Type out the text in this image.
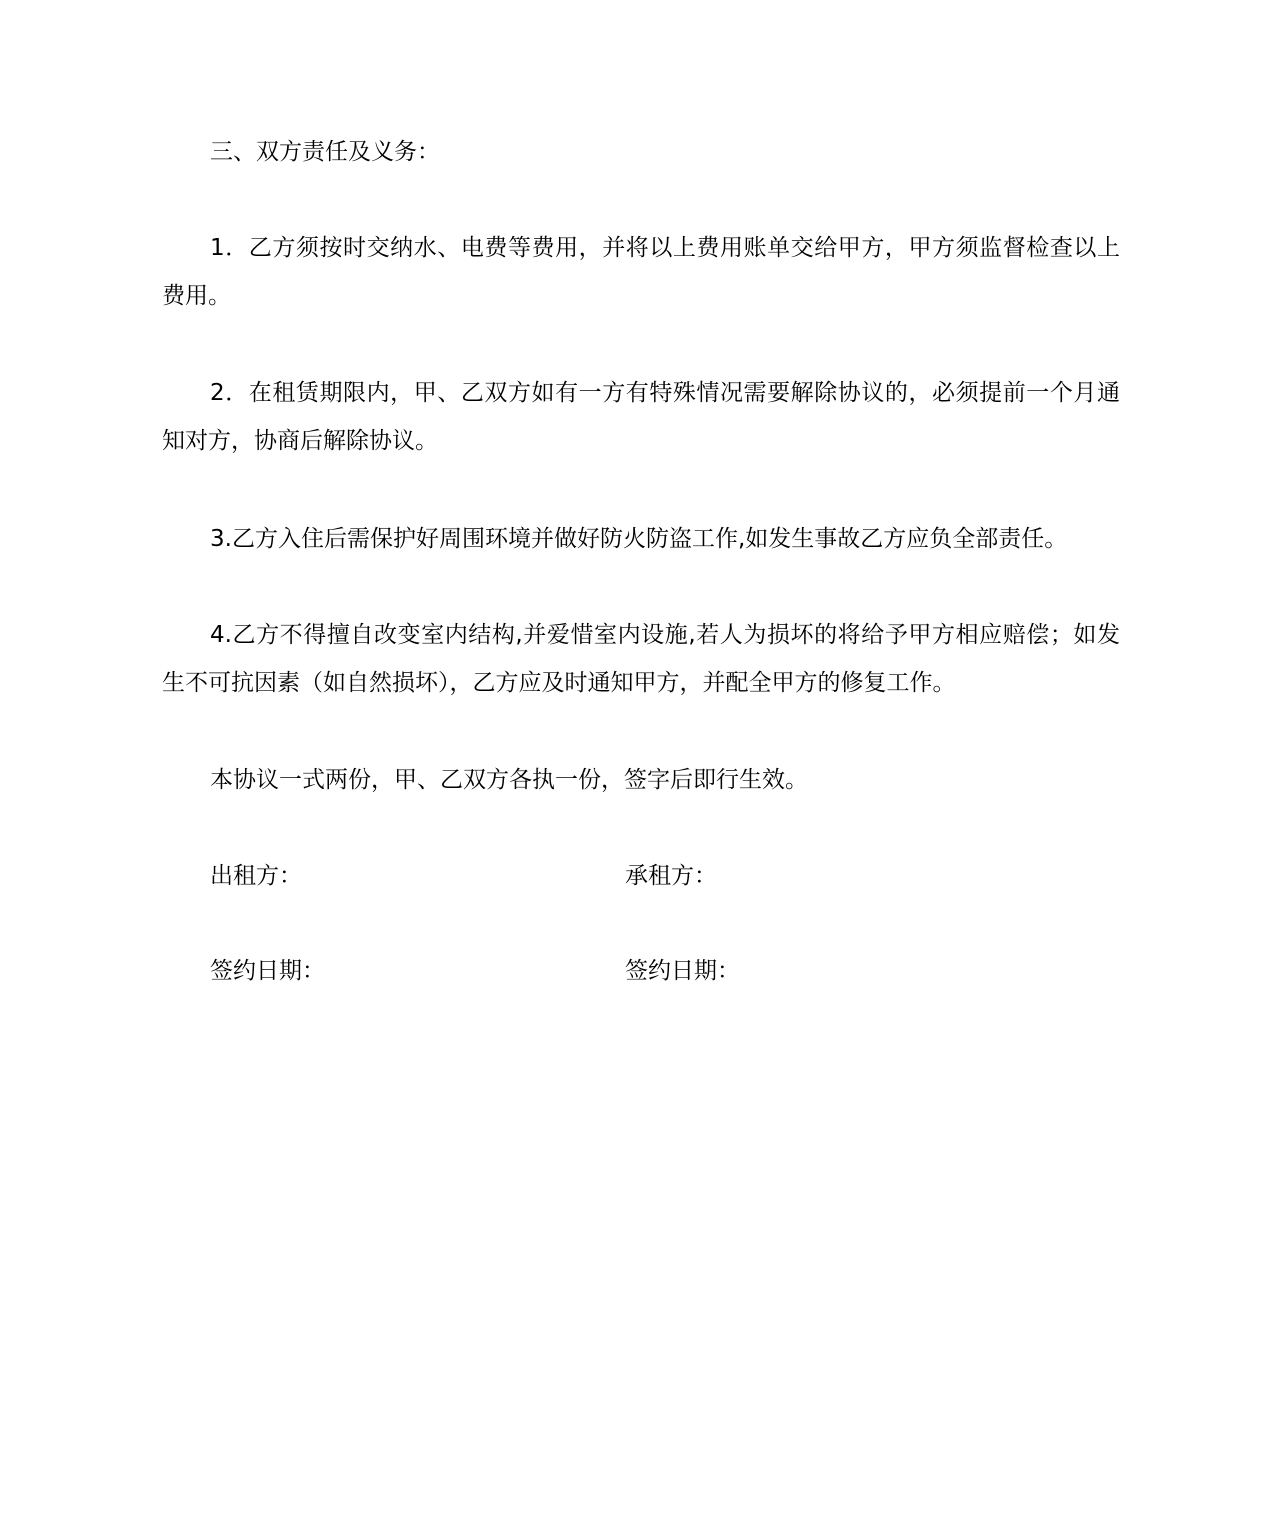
三、双方责任及义务：

1．乙方须按时交纳水、电费等费用，并将以上费用账单交给甲方，甲方须监督检查以上费用。

2．在租赁期限内，甲、乙双方如有一方有特殊情况需要解除协议的，必须提前一个月通知对方，协商后解除协议。

3.乙方入住后需保护好周围环境并做好防火防盗工作,如发生事故乙方应负全部责任。

4.乙方不得擅自改变室内结构,并爱惜室内设施,若人为损坏的将给予甲方相应赔偿；如发生不可抗因素（如自然损坏），乙方应及时通知甲方，并配全甲方的修复工作。

本协议一式两份，甲、乙双方各执一份，签字后即行生效。

出租方：	承租方：

签约日期：	签约日期：
